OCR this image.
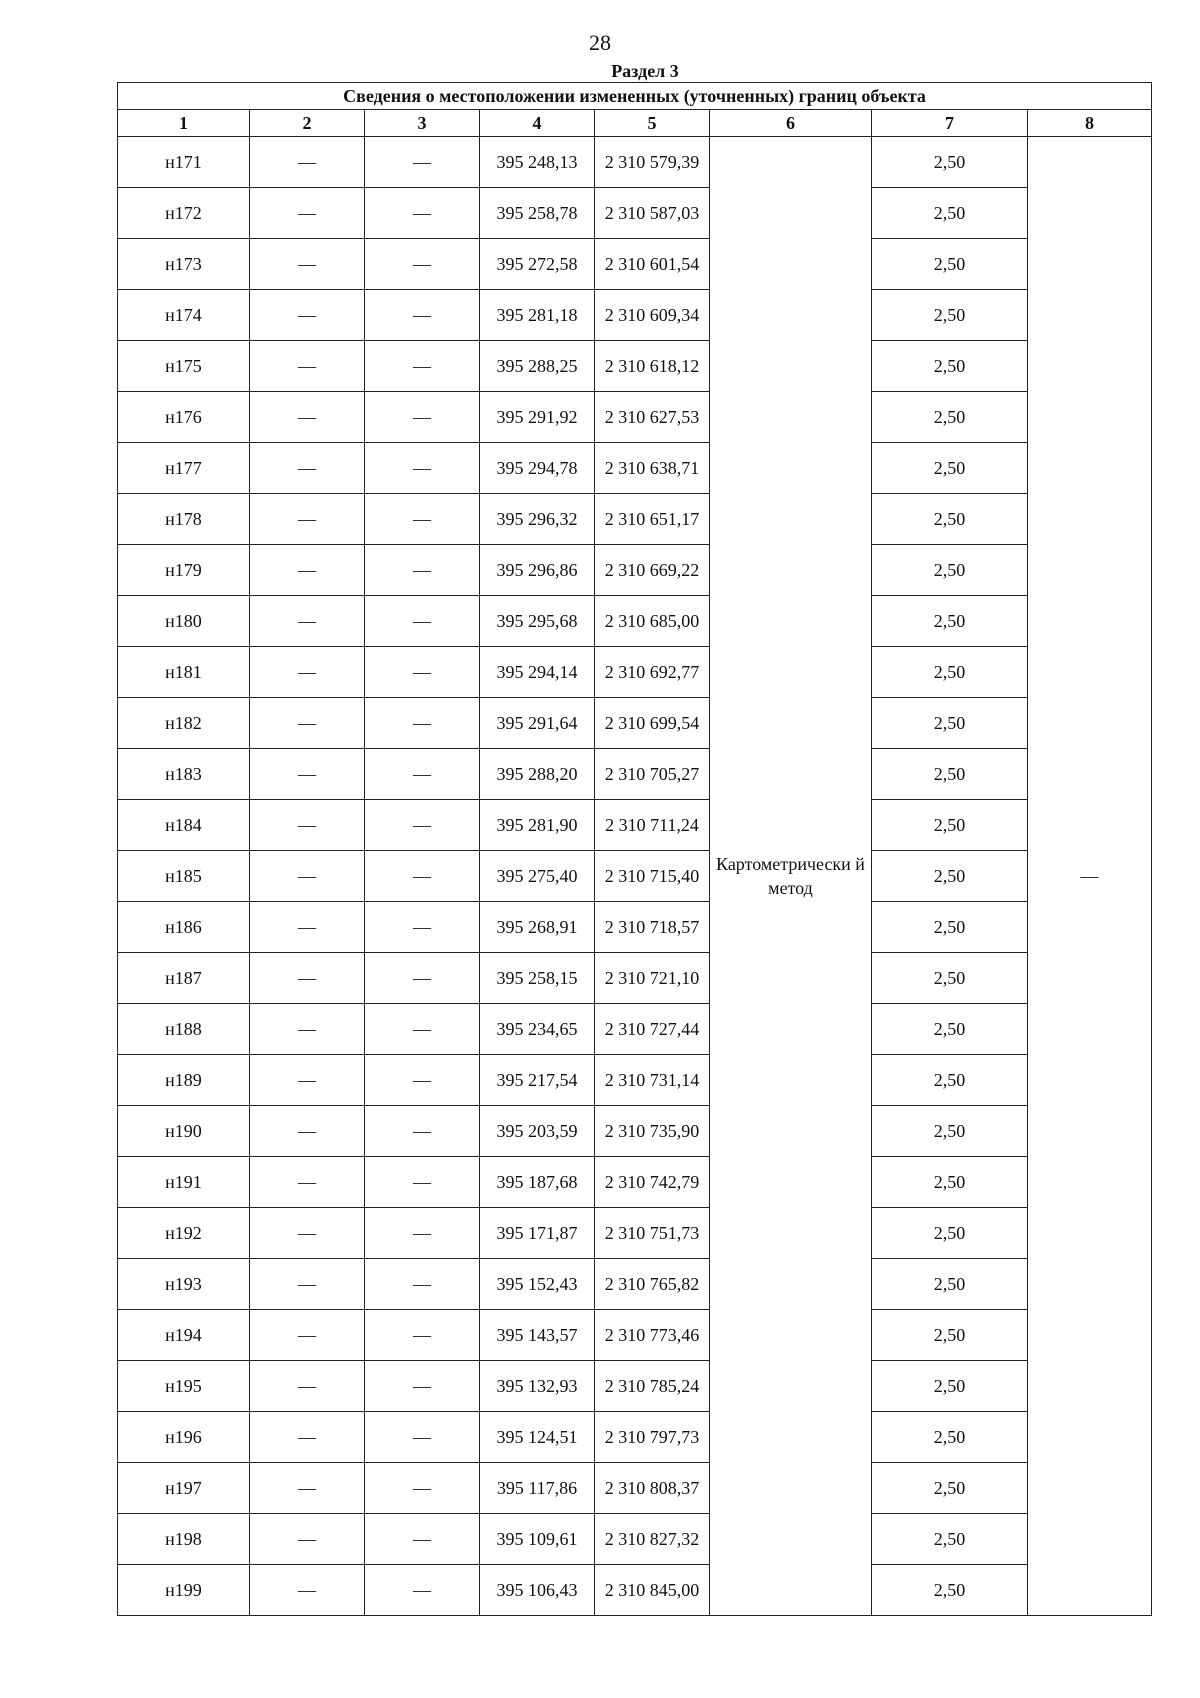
28
Раздел 3
Сведения о местоположении измененных (уточненных) границ объекта							
1	2	3	4	5	6	7	8
н171	—	—	395 248,13	2 310 579,39	Картометрически й метод	2,50	—
н172	—	—	395 258,78	2 310 587,03		2,50	
н173	—	—	395 272,58	2 310 601,54		2,50	
н174	—	—	395 281,18	2 310 609,34		2,50	
н175	—	—	395 288,25	2 310 618,12		2,50	
н176	—	—	395 291,92	2 310 627,53		2,50	
н177	—	—	395 294,78	2 310 638,71		2,50	
н178	—	—	395 296,32	2 310 651,17		2,50	
н179	—	—	395 296,86	2 310 669,22		2,50	
н180	—	—	395 295,68	2 310 685,00		2,50	
н181	—	—	395 294,14	2 310 692,77		2,50	
н182	—	—	395 291,64	2 310 699,54		2,50	
н183	—	—	395 288,20	2 310 705,27		2,50	
н184	—	—	395 281,90	2 310 711,24		2,50	
н185	—	—	395 275,40	2 310 715,40		2,50	
н186	—	—	395 268,91	2 310 718,57		2,50	
н187	—	—	395 258,15	2 310 721,10		2,50	
н188	—	—	395 234,65	2 310 727,44		2,50	
н189	—	—	395 217,54	2 310 731,14		2,50	
н190	—	—	395 203,59	2 310 735,90		2,50	
н191	—	—	395 187,68	2 310 742,79		2,50	
н192	—	—	395 171,87	2 310 751,73		2,50	
н193	—	—	395 152,43	2 310 765,82		2,50	
н194	—	—	395 143,57	2 310 773,46		2,50	
н195	—	—	395 132,93	2 310 785,24		2,50	
н196	—	—	395 124,51	2 310 797,73		2,50	
н197	—	—	395 117,86	2 310 808,37		2,50	
н198	—	—	395 109,61	2 310 827,32		2,50	
н199	—	—	395 106,43	2 310 845,00		2,50	
